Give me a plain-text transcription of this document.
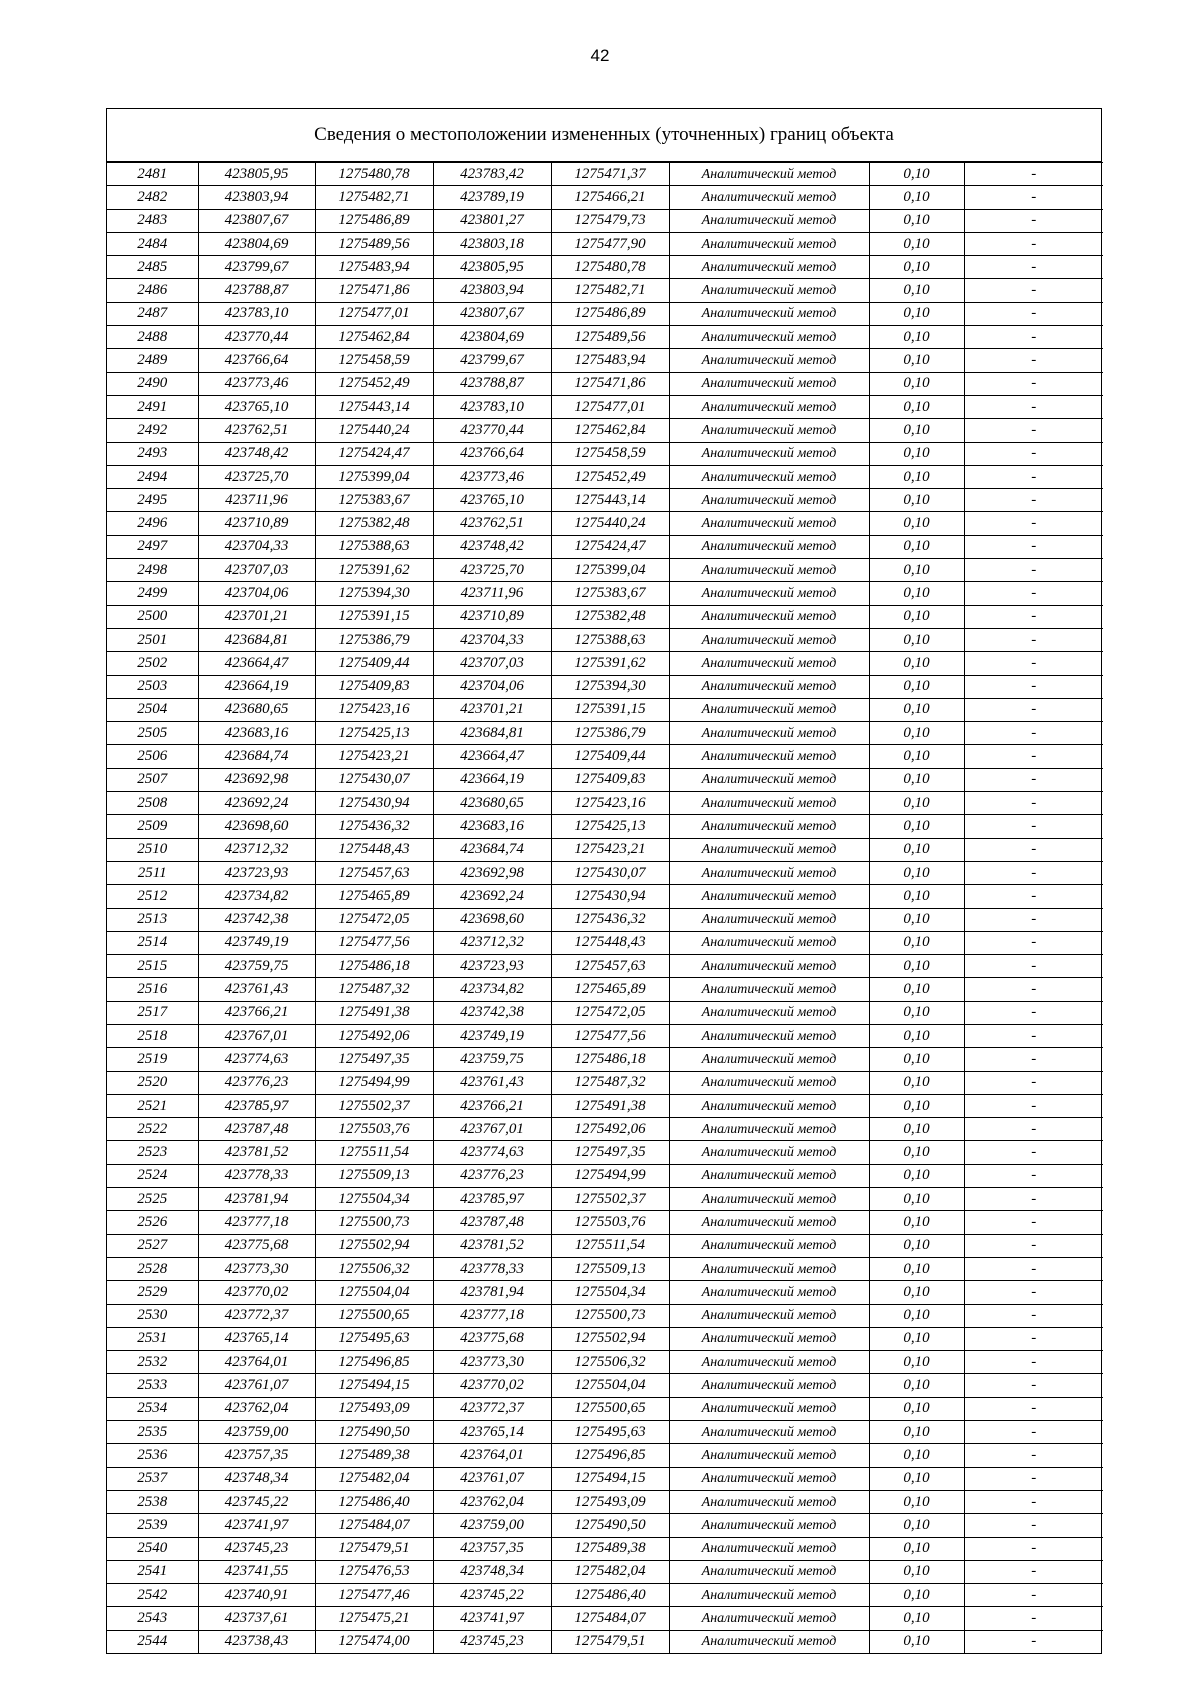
42
Сведения о местоположении измененных (уточненных) границ объекта
2481	423805,95	1275480,78	423783,42	1275471,37	Аналитический метод	0,10	-
2482	423803,94	1275482,71	423789,19	1275466,21	Аналитический метод	0,10	-
2483	423807,67	1275486,89	423801,27	1275479,73	Аналитический метод	0,10	-
2484	423804,69	1275489,56	423803,18	1275477,90	Аналитический метод	0,10	-
2485	423799,67	1275483,94	423805,95	1275480,78	Аналитический метод	0,10	-
2486	423788,87	1275471,86	423803,94	1275482,71	Аналитический метод	0,10	-
2487	423783,10	1275477,01	423807,67	1275486,89	Аналитический метод	0,10	-
2488	423770,44	1275462,84	423804,69	1275489,56	Аналитический метод	0,10	-
2489	423766,64	1275458,59	423799,67	1275483,94	Аналитический метод	0,10	-
2490	423773,46	1275452,49	423788,87	1275471,86	Аналитический метод	0,10	-
2491	423765,10	1275443,14	423783,10	1275477,01	Аналитический метод	0,10	-
2492	423762,51	1275440,24	423770,44	1275462,84	Аналитический метод	0,10	-
2493	423748,42	1275424,47	423766,64	1275458,59	Аналитический метод	0,10	-
2494	423725,70	1275399,04	423773,46	1275452,49	Аналитический метод	0,10	-
2495	423711,96	1275383,67	423765,10	1275443,14	Аналитический метод	0,10	-
2496	423710,89	1275382,48	423762,51	1275440,24	Аналитический метод	0,10	-
2497	423704,33	1275388,63	423748,42	1275424,47	Аналитический метод	0,10	-
2498	423707,03	1275391,62	423725,70	1275399,04	Аналитический метод	0,10	-
2499	423704,06	1275394,30	423711,96	1275383,67	Аналитический метод	0,10	-
2500	423701,21	1275391,15	423710,89	1275382,48	Аналитический метод	0,10	-
2501	423684,81	1275386,79	423704,33	1275388,63	Аналитический метод	0,10	-
2502	423664,47	1275409,44	423707,03	1275391,62	Аналитический метод	0,10	-
2503	423664,19	1275409,83	423704,06	1275394,30	Аналитический метод	0,10	-
2504	423680,65	1275423,16	423701,21	1275391,15	Аналитический метод	0,10	-
2505	423683,16	1275425,13	423684,81	1275386,79	Аналитический метод	0,10	-
2506	423684,74	1275423,21	423664,47	1275409,44	Аналитический метод	0,10	-
2507	423692,98	1275430,07	423664,19	1275409,83	Аналитический метод	0,10	-
2508	423692,24	1275430,94	423680,65	1275423,16	Аналитический метод	0,10	-
2509	423698,60	1275436,32	423683,16	1275425,13	Аналитический метод	0,10	-
2510	423712,32	1275448,43	423684,74	1275423,21	Аналитический метод	0,10	-
2511	423723,93	1275457,63	423692,98	1275430,07	Аналитический метод	0,10	-
2512	423734,82	1275465,89	423692,24	1275430,94	Аналитический метод	0,10	-
2513	423742,38	1275472,05	423698,60	1275436,32	Аналитический метод	0,10	-
2514	423749,19	1275477,56	423712,32	1275448,43	Аналитический метод	0,10	-
2515	423759,75	1275486,18	423723,93	1275457,63	Аналитический метод	0,10	-
2516	423761,43	1275487,32	423734,82	1275465,89	Аналитический метод	0,10	-
2517	423766,21	1275491,38	423742,38	1275472,05	Аналитический метод	0,10	-
2518	423767,01	1275492,06	423749,19	1275477,56	Аналитический метод	0,10	-
2519	423774,63	1275497,35	423759,75	1275486,18	Аналитический метод	0,10	-
2520	423776,23	1275494,99	423761,43	1275487,32	Аналитический метод	0,10	-
2521	423785,97	1275502,37	423766,21	1275491,38	Аналитический метод	0,10	-
2522	423787,48	1275503,76	423767,01	1275492,06	Аналитический метод	0,10	-
2523	423781,52	1275511,54	423774,63	1275497,35	Аналитический метод	0,10	-
2524	423778,33	1275509,13	423776,23	1275494,99	Аналитический метод	0,10	-
2525	423781,94	1275504,34	423785,97	1275502,37	Аналитический метод	0,10	-
2526	423777,18	1275500,73	423787,48	1275503,76	Аналитический метод	0,10	-
2527	423775,68	1275502,94	423781,52	1275511,54	Аналитический метод	0,10	-
2528	423773,30	1275506,32	423778,33	1275509,13	Аналитический метод	0,10	-
2529	423770,02	1275504,04	423781,94	1275504,34	Аналитический метод	0,10	-
2530	423772,37	1275500,65	423777,18	1275500,73	Аналитический метод	0,10	-
2531	423765,14	1275495,63	423775,68	1275502,94	Аналитический метод	0,10	-
2532	423764,01	1275496,85	423773,30	1275506,32	Аналитический метод	0,10	-
2533	423761,07	1275494,15	423770,02	1275504,04	Аналитический метод	0,10	-
2534	423762,04	1275493,09	423772,37	1275500,65	Аналитический метод	0,10	-
2535	423759,00	1275490,50	423765,14	1275495,63	Аналитический метод	0,10	-
2536	423757,35	1275489,38	423764,01	1275496,85	Аналитический метод	0,10	-
2537	423748,34	1275482,04	423761,07	1275494,15	Аналитический метод	0,10	-
2538	423745,22	1275486,40	423762,04	1275493,09	Аналитический метод	0,10	-
2539	423741,97	1275484,07	423759,00	1275490,50	Аналитический метод	0,10	-
2540	423745,23	1275479,51	423757,35	1275489,38	Аналитический метод	0,10	-
2541	423741,55	1275476,53	423748,34	1275482,04	Аналитический метод	0,10	-
2542	423740,91	1275477,46	423745,22	1275486,40	Аналитический метод	0,10	-
2543	423737,61	1275475,21	423741,97	1275484,07	Аналитический метод	0,10	-
2544	423738,43	1275474,00	423745,23	1275479,51	Аналитический метод	0,10	-
